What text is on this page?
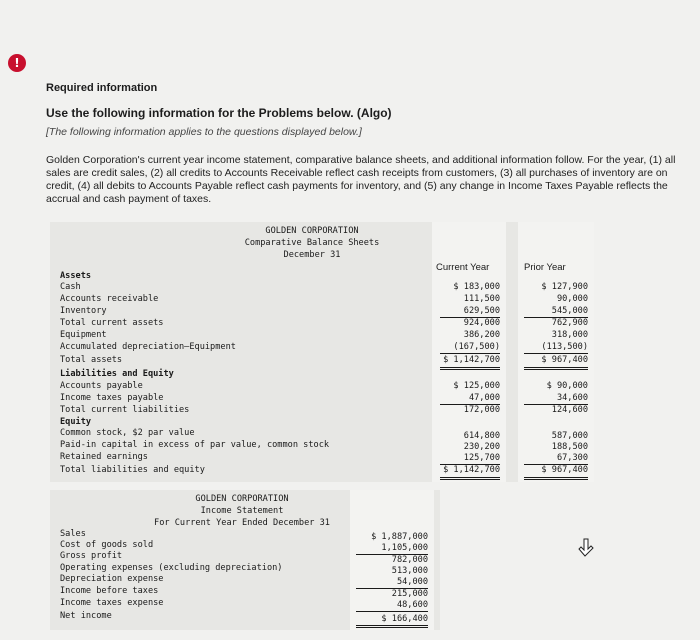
!
Required information
Use the following information for the Problems below. (Algo)
[The following information applies to the questions displayed below.]
Golden Corporation's current year income statement, comparative balance sheets, and additional information follow. For the year, (1) all sales are credit sales, (2) all credits to Accounts Receivable reflect cash receipts from customers, (3) all purchases of inventory are on credit, (4) all debits to Accounts Payable reflect cash payments for inventory, and (5) any change in Income Taxes Payable reflects the accrual and cash payment of taxes.
GOLDEN CORPORATION
Comparative Balance Sheets
December 31
Current Year	Prior Year
Assets
Cash	$ 183,000	$ 127,900
Accounts receivable	111,500	90,000
Inventory	629,500	545,000
Total current assets	924,000	762,900
Equipment	386,200	318,000
Accumulated depreciation–Equipment	(167,500)	(113,500)
Total assets	$ 1,142,700	$ 967,400
Liabilities and Equity
Accounts payable	$ 125,000	$ 90,000
Income taxes payable	47,000	34,600
Total current liabilities	172,000	124,600
Equity
Common stock, $2 par value	614,800	587,000
Paid-in capital in excess of par value, common stock	230,200	188,500
Retained earnings	125,700	67,300
Total liabilities and equity	$ 1,142,700	$ 967,400
GOLDEN CORPORATION
Income Statement
For Current Year Ended December 31
Sales	$ 1,887,000
Cost of goods sold	1,105,000
Gross profit	782,000
Operating expenses (excluding depreciation)	513,000
Depreciation expense	54,000
Income before taxes	215,000
Income taxes expense	48,600
Net income	$ 166,400
